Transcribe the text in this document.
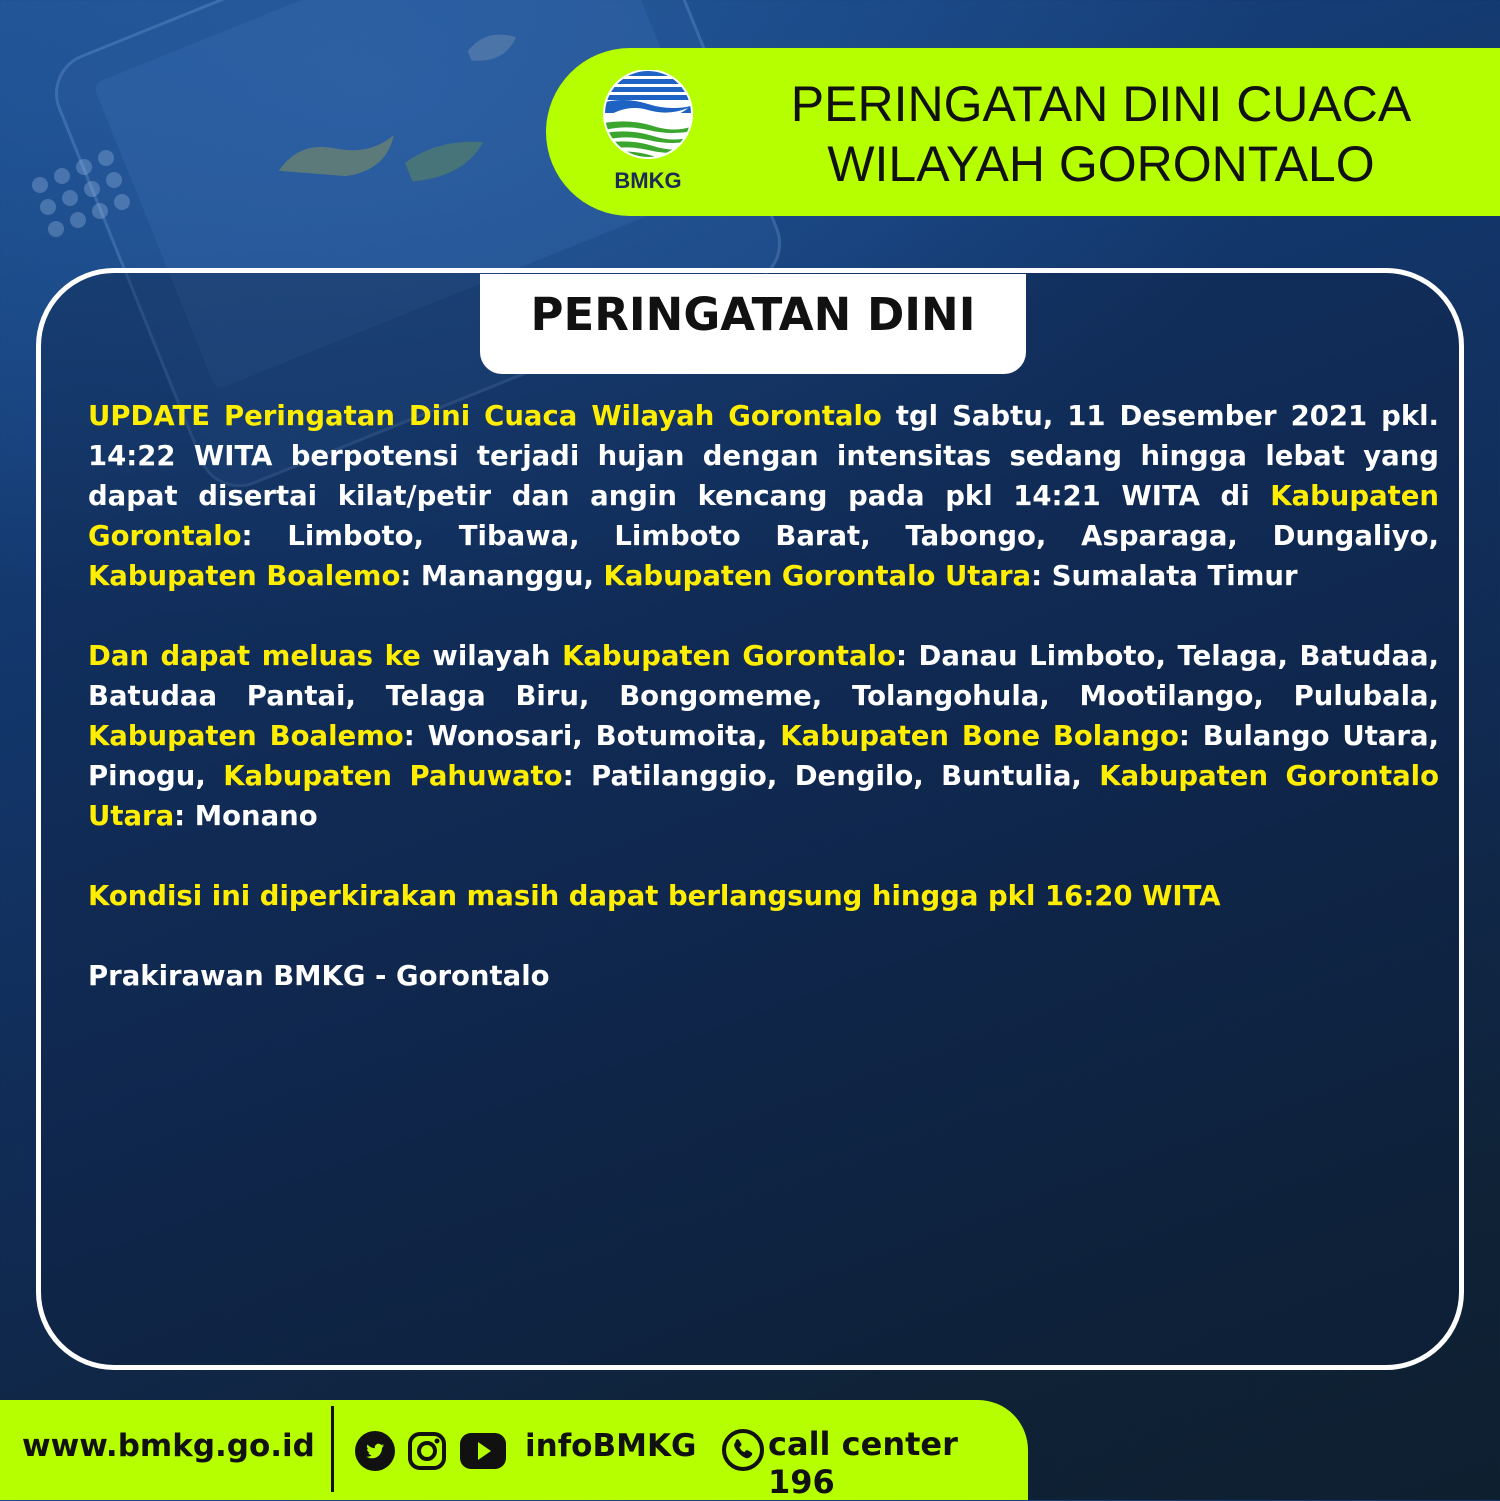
BMKG
PERINGATAN DINI CUACA
WILAYAH GORONTALO
PERINGATAN DINI

UPDATE Peringatan Dini Cuaca Wilayah Gorontalo tgl Sabtu, 11 Desember 2021 pkl. 14:22 WITA berpotensi terjadi hujan dengan intensitas sedang hingga lebat yang dapat disertai kilat/petir dan angin kencang pada pkl 14:21 WITA di Kabupaten Gorontalo: Limboto, Tibawa, Limboto Barat, Tabongo, Asparaga, Dungaliyo, Kabupaten Boalemo: Mananggu, Kabupaten Gorontalo Utara: Sumalata Timur

Dan dapat meluas ke wilayah Kabupaten Gorontalo: Danau Limboto, Telaga, Batudaa, Batudaa Pantai, Telaga Biru, Bongomeme, Tolangohula, Mootilango, Pulubala, Kabupaten Boalemo: Wonosari, Botumoita, Kabupaten Bone Bolango: Bulango Utara, Pinogu, Kabupaten Pahuwato: Patilanggio, Dengilo, Buntulia, Kabupaten Gorontalo Utara: Monano

Kondisi ini diperkirakan masih dapat berlangsung hingga pkl 16:20 WITA

Prakirawan BMKG - Gorontalo

www.bmkg.go.id	infoBMKG call center 196
